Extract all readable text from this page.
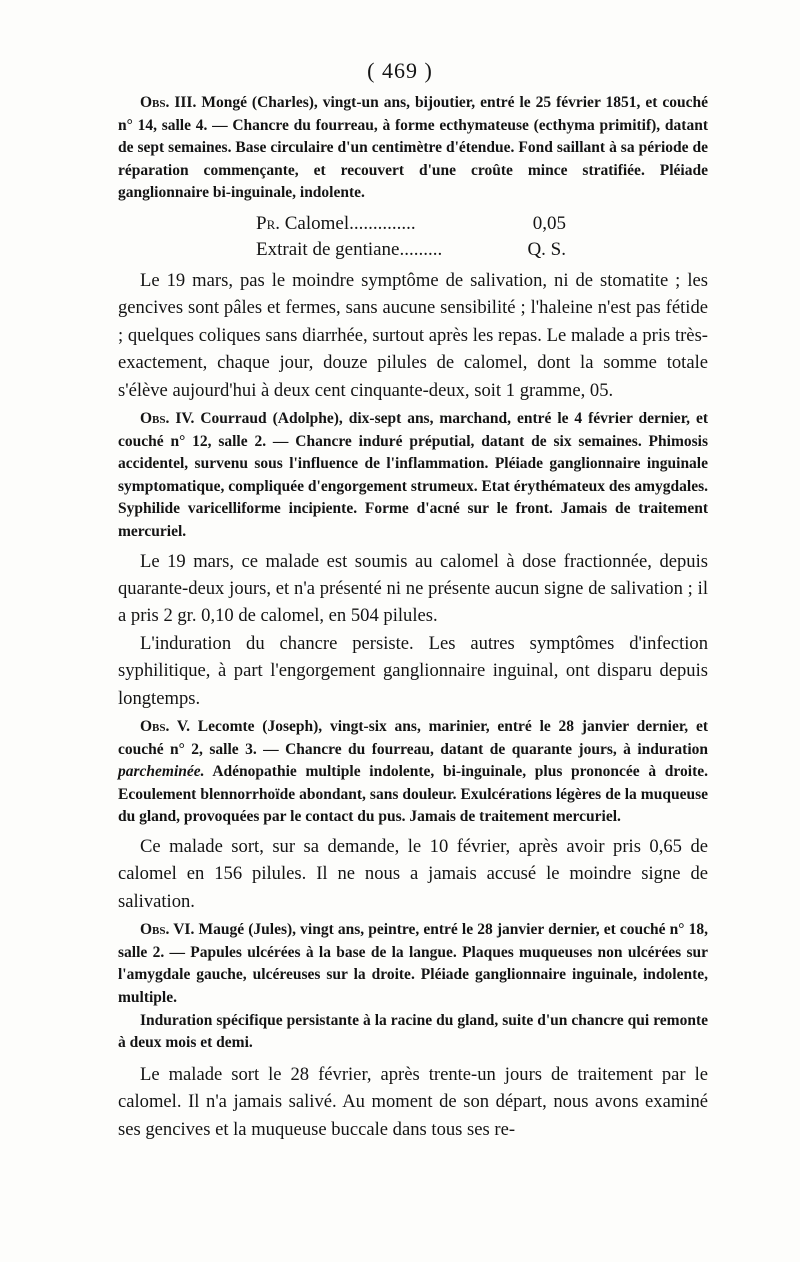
( 469 )

Obs. III. Mongé (Charles), vingt-un ans, bijoutier, entré le 25 février 1851, et couché n° 14, salle 4. — Chancre du fourreau, à forme ecthymateuse (ecthyma primitif), datant de sept semaines. Base circulaire d'un centimètre d'étendue. Fond saillant à sa période de réparation commençante, et recouvert d'une croûte mince stratifiée. Pléiade ganglionnaire bi-inguinale, indolente.

Pr. Calomel..............	0,05
Extrait de gentiane.........	Q. S.

Le 19 mars, pas le moindre symptôme de salivation, ni de stomatite ; les gencives sont pâles et fermes, sans aucune sensibilité ; l'haleine n'est pas fétide ; quelques coliques sans diarrhée, surtout après les repas. Le malade a pris très-exactement, chaque jour, douze pilules de calomel, dont la somme totale s'élève aujourd'hui à deux cent cinquante-deux, soit 1 gramme, 05.

Obs. IV. Courraud (Adolphe), dix-sept ans, marchand, entré le 4 février dernier, et couché n° 12, salle 2. — Chancre induré préputial, datant de six semaines. Phimosis accidentel, survenu sous l'influence de l'inflammation. Pléiade ganglionnaire inguinale symptomatique, compliquée d'engorgement strumeux. Etat érythémateux des amygdales. Syphilide varicelliforme incipiente. Forme d'acné sur le front. Jamais de traitement mercuriel.

Le 19 mars, ce malade est soumis au calomel à dose fractionnée, depuis quarante-deux jours, et n'a présenté ni ne présente aucun signe de salivation ; il a pris 2 gr. 0,10 de calomel, en 504 pilules.

L'induration du chancre persiste. Les autres symptômes d'infection syphilitique, à part l'engorgement ganglionnaire inguinal, ont disparu depuis longtemps.

Obs. V. Lecomte (Joseph), vingt-six ans, marinier, entré le 28 janvier dernier, et couché n° 2, salle 3. — Chancre du fourreau, datant de quarante jours, à induration parcheminée. Adénopathie multiple indolente, bi-inguinale, plus prononcée à droite. Ecoulement blennorrhoïde abondant, sans douleur. Exulcérations légères de la muqueuse du gland, provoquées par le contact du pus. Jamais de traitement mercuriel.

Ce malade sort, sur sa demande, le 10 février, après avoir pris 0,65 de calomel en 156 pilules. Il ne nous a jamais accusé le moindre signe de salivation.

Obs. VI. Maugé (Jules), vingt ans, peintre, entré le 28 janvier dernier, et couché n° 18, salle 2. — Papules ulcérées à la base de la langue. Plaques muqueuses non ulcérées sur l'amygdale gauche, ulcéreuses sur la droite. Pléiade ganglionnaire inguinale, indolente, multiple.

Induration spécifique persistante à la racine du gland, suite d'un chancre qui remonte à deux mois et demi.

Le malade sort le 28 février, après trente-un jours de traitement par le calomel. Il n'a jamais salivé. Au moment de son départ, nous avons examiné ses gencives et la muqueuse buccale dans tous ses re-
